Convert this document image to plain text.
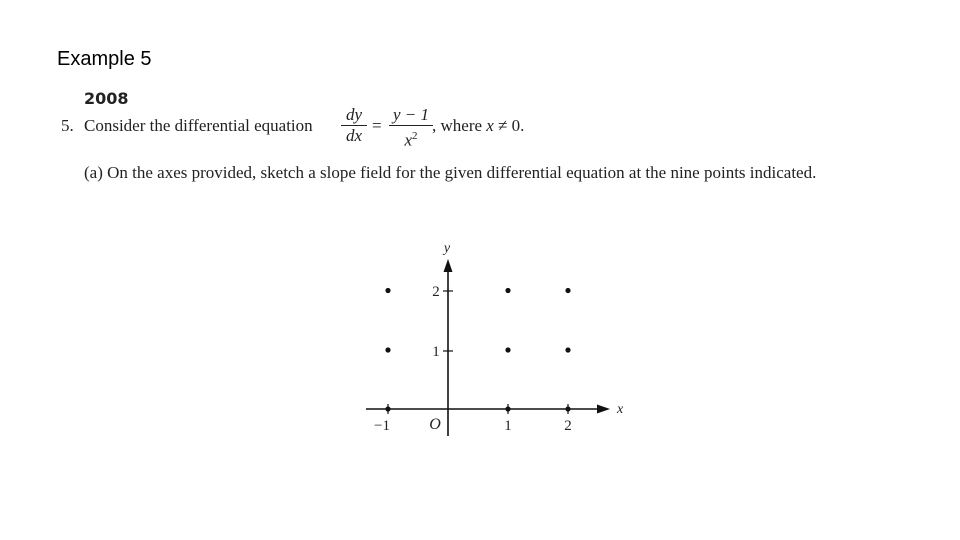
Example 5
2008
5. Consider the differential equation
dy
dx
=
y − 1
$x^2$
, where x ≠ 0.
(a) On the axes provided, sketch a slope field for the given differential equation at the nine points indicated.
y
x
−1	1	2
1
2
O
